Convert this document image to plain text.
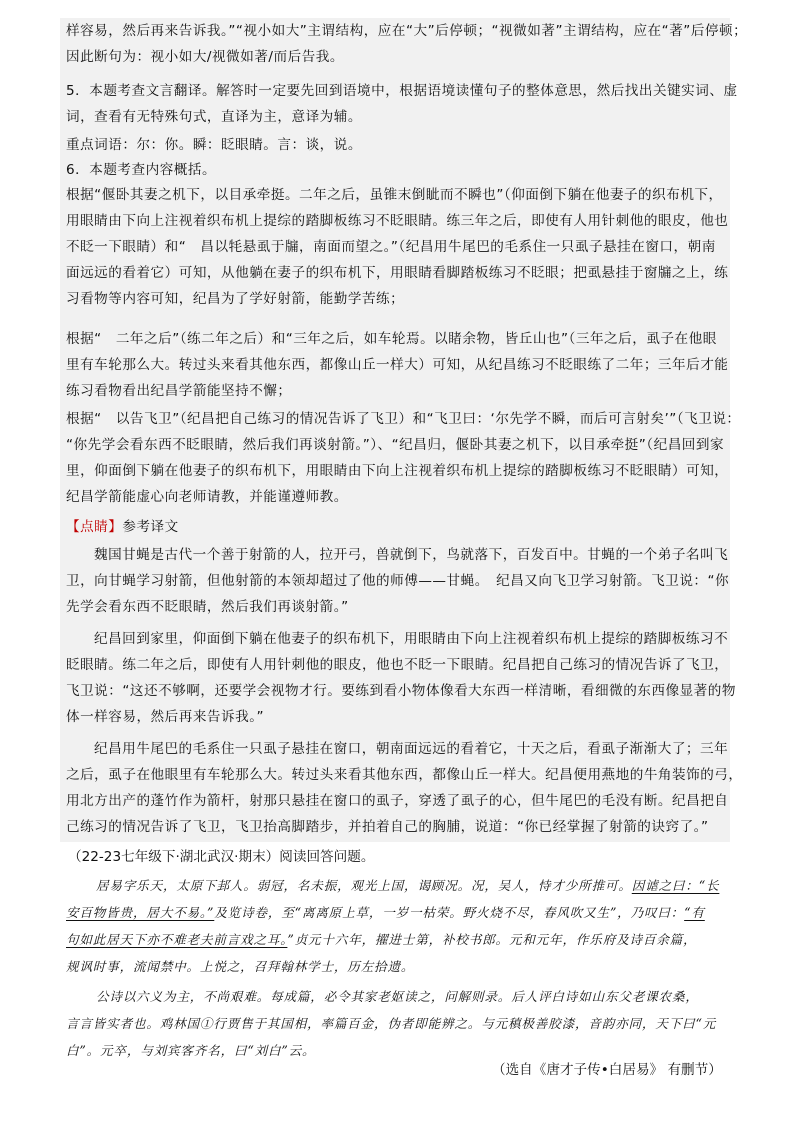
样容易，然后再来告诉我。”“视小如大”主谓结构，应在“大”后停顿；“视微如著”主谓结构，应在“著”后停顿；
因此断句为：视小如大/视微如著/而后告我。
5．本题考查文言翻译。解答时一定要先回到语境中，根据语境读懂句子的整体意思，然后找出关键实词、虚
词，查看有无特殊句式，直译为主，意译为辅。
重点词语：尔：你。瞬：眨眼睛。言：谈，说。
6．本题考查内容概括。
根据“偃卧其妻之机下，以目承牵挺。二年之后，虽锥末倒眦而不瞬也”（仰面倒下躺在他妻子的织布机下，
用眼睛由下向上注视着织布机上提综的踏脚板练习不眨眼睛。练三年之后，即使有人用针刺他的眼皮，他也
不眨一下眼睛）和“　昌以牦悬虱于牖，南面而望之。”（纪昌用牛尾巴的毛系住一只虱子悬挂在窗口，朝南
面远远的看着它）可知，从他躺在妻子的织布机下，用眼睛看脚踏板练习不眨眼；把虱悬挂于窗牖之上，练
习看物等内容可知，纪昌为了学好射箭，能勤学苦练；
根据“　二年之后”（练二年之后）和“三年之后，如车轮焉。以睹余物，皆丘山也”（三年之后，虱子在他眼
里有车轮那么大。转过头来看其他东西，都像山丘一样大）可知，从纪昌练习不眨眼练了二年；三年后才能
练习看物看出纪昌学箭能坚持不懈；
根据“　以告飞卫”（纪昌把自己练习的情况告诉了飞卫）和“飞卫曰：‘尔先学不瞬，而后可言射矣’”（飞卫说：
“你先学会看东西不眨眼睛，然后我们再谈射箭。”）、“纪昌归，偃卧其妻之机下，以目承牵挺”（纪昌回到家
里，仰面倒下躺在他妻子的织布机下，用眼睛由下向上注视着织布机上提综的踏脚板练习不眨眼睛）可知，
纪昌学箭能虚心向老师请教，并能谨遵师教。
【点睛】参考译文
魏国甘蝇是古代一个善于射箭的人，拉开弓，兽就倒下，鸟就落下，百发百中。甘蝇的一个弟子名叫飞
卫，向甘蝇学习射箭，但他射箭的本领却超过了他的师傅——甘蝇。　纪昌又向飞卫学习射箭。飞卫说：“你
先学会看东西不眨眼睛，然后我们再谈射箭。”
纪昌回到家里，仰面倒下躺在他妻子的织布机下，用眼睛由下向上注视着织布机上提综的踏脚板练习不
眨眼睛。练二年之后，即使有人用针刺他的眼皮，他也不眨一下眼睛。纪昌把自己练习的情况告诉了飞卫，
飞卫说：“这还不够啊，还要学会视物才行。要练到看小物体像看大东西一样清晰，看细微的东西像显著的物
体一样容易，然后再来告诉我。”
纪昌用牛尾巴的毛系住一只虱子悬挂在窗口，朝南面远远的看着它，十天之后，看虱子渐渐大了；三年
之后，虱子在他眼里有车轮那么大。转过头来看其他东西，都像山丘一样大。纪昌便用燕地的牛角装饰的弓，
用北方出产的蓬竹作为箭杆，射那只悬挂在窗口的虱子，穿透了虱子的心，但牛尾巴的毛没有断。纪昌把自
己练习的情况告诉了飞卫，飞卫抬高脚踏步，并拍着自己的胸脯，说道：“你已经掌握了射箭的诀窍了。”
（22-23七年级下·湖北武汉·期末）阅读回答问题。
居易字乐天，太原下邽人。弱冠，名未振，观光上国，谒顾况。况，吴人，恃才少所推可。因谑之曰：“长
安百物皆贵，居大不易。”及览诗卷，至“离离原上草，一岁一枯荣。野火烧不尽，春风吹又生”，乃叹曰：“有
句如此居天下亦不难老夫前言戏之耳。”贞元十六年，擢进士第，补校书郎。元和元年，作乐府及诗百余篇，
规讽时事，流闻禁中。上悦之，召拜翰林学士，历左拾遗。
公诗以六义为主，不尚艰难。每成篇，必令其家老妪读之，问解则录。后人评白诗如山东父老课农桑，
言言皆实者也。鸡林国①行贾售于其国相，率篇百金，伪者即能辨之。与元稹极善胶漆，音韵亦同，天下曰“元
白”。元卒，与刘宾客齐名，曰“刘白”云。
（选自《唐才子传•白居易》 有删节）
